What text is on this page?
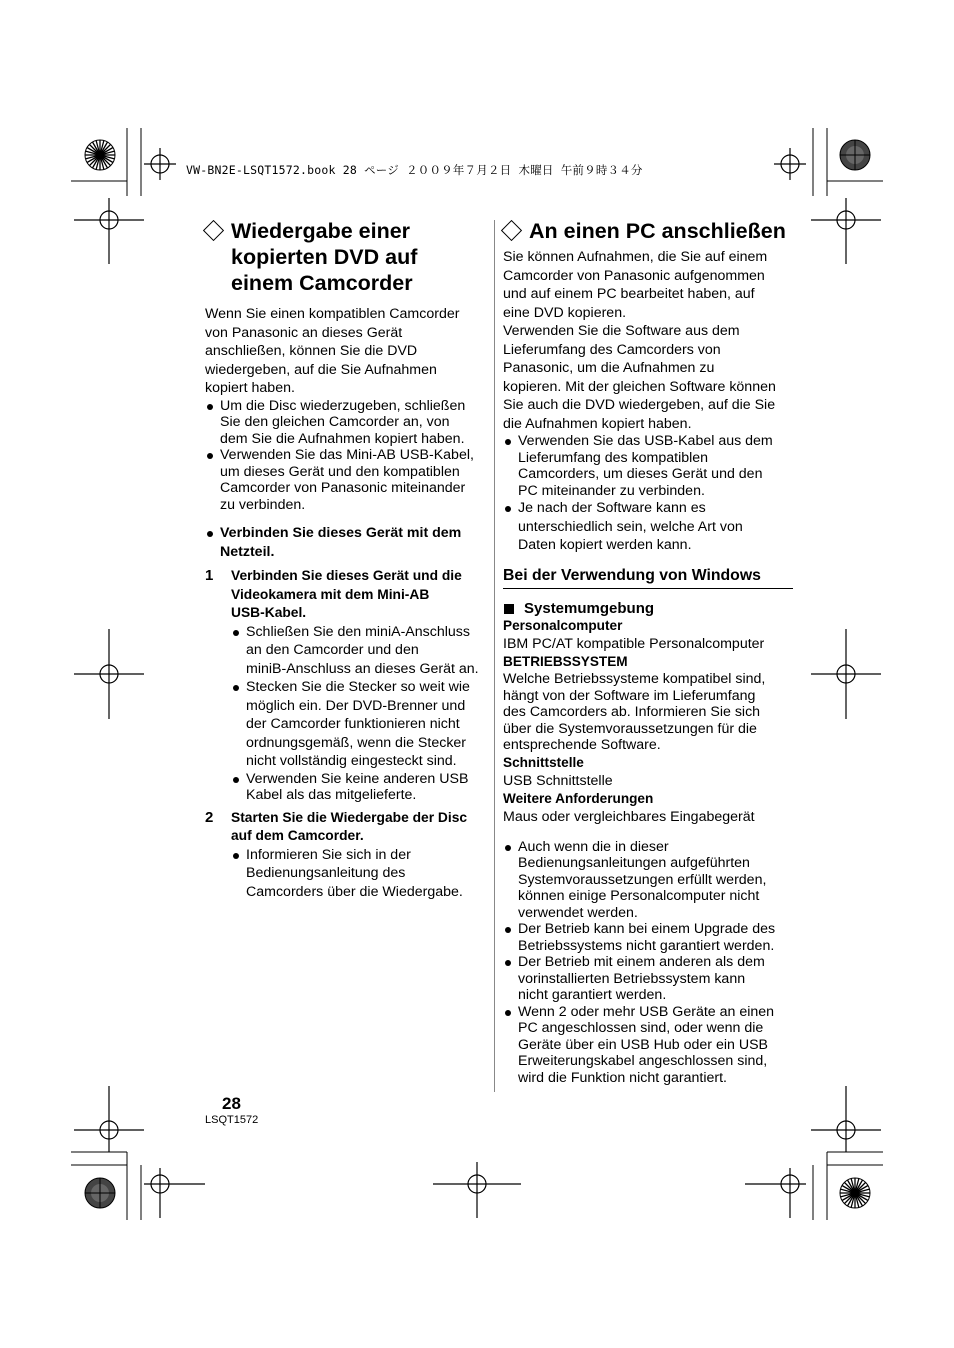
VW-BN2E-LSQT1572.book 28 ページ ２００９年７月２日 木曜日 午前９時３４分
Wiedergabe einer
kopierten DVD auf
einem Camcorder

Wenn Sie einen kompatiblen Camcorder
von Panasonic an dieses Gerät
anschließen, können Sie die DVD
wiedergeben, auf die Sie Aufnahmen
kopiert haben.

Um die Disc wiederzugeben, schließen
Sie den gleichen Camcorder an, von
dem Sie die Aufnahmen kopiert haben.
Verwenden Sie das Mini-AB USB-Kabel,
um dieses Gerät und den kompatiblen
Camcorder von Panasonic miteinander
zu verbinden.
Verbinden Sie dieses Gerät mit dem
Netzteil.
1 Verbinden Sie dieses Gerät und die
Videokamera mit dem Mini-AB
USB-Kabel.
Schließen Sie den miniA-Anschluss
an den Camcorder und den
miniB-Anschluss an dieses Gerät an.
Stecken Sie die Stecker so weit wie
möglich ein. Der DVD-Brenner und
der Camcorder funktionieren nicht
ordnungsgemäß, wenn die Stecker
nicht vollständig eingesteckt sind.
Verwenden Sie keine anderen USB
Kabel als das mitgelieferte.
2 Starten Sie die Wiedergabe der Disc
auf dem Camcorder.
Informieren Sie sich in der
Bedienungsanleitung des
Camcorders über die Wiedergabe.
An einen PC anschließen

Sie können Aufnahmen, die Sie auf einem
Camcorder von Panasonic aufgenommen
und auf einem PC bearbeitet haben, auf
eine DVD kopieren.

Verwenden Sie die Software aus dem
Lieferumfang des Camcorders von
Panasonic, um die Aufnahmen zu
kopieren. Mit der gleichen Software können
Sie auch die DVD wiedergeben, auf die Sie
die Aufnahmen kopiert haben.

Verwenden Sie das USB-Kabel aus dem
Lieferumfang des kompatiblen
Camcorders, um dieses Gerät und den
PC miteinander zu verbinden.
Je nach der Software kann es
unterschiedlich sein, welche Art von
Daten kopiert werden kann.
Bei der Verwendung von Windows
Systemumgebung
Personalcomputer

IBM PC/AT kompatible Personalcomputer

BETRIEBSSYSTEM

Welche Betriebssysteme kompatibel sind,
hängt von der Software im Lieferumfang
des Camcorders ab. Informieren Sie sich
über die Systemvoraussetzungen für die
entsprechende Software.

Schnittstelle

USB Schnittstelle

Weitere Anforderungen

Maus oder vergleichbares Eingabegerät

Auch wenn die in dieser
Bedienungsanleitungen aufgeführten
Systemvoraussetzungen erfüllt werden,
können einige Personalcomputer nicht
verwendet werden.
Der Betrieb kann bei einem Upgrade des
Betriebssystems nicht garantiert werden.
Der Betrieb mit einem anderen als dem
vorinstallierten Betriebssystem kann
nicht garantiert werden.
Wenn 2 oder mehr USB Geräte an einen
PC angeschlossen sind, oder wenn die
Geräte über ein USB Hub oder ein USB
Erweiterungskabel angeschlossen sind,
wird die Funktion nicht garantiert.
28
LSQT1572
